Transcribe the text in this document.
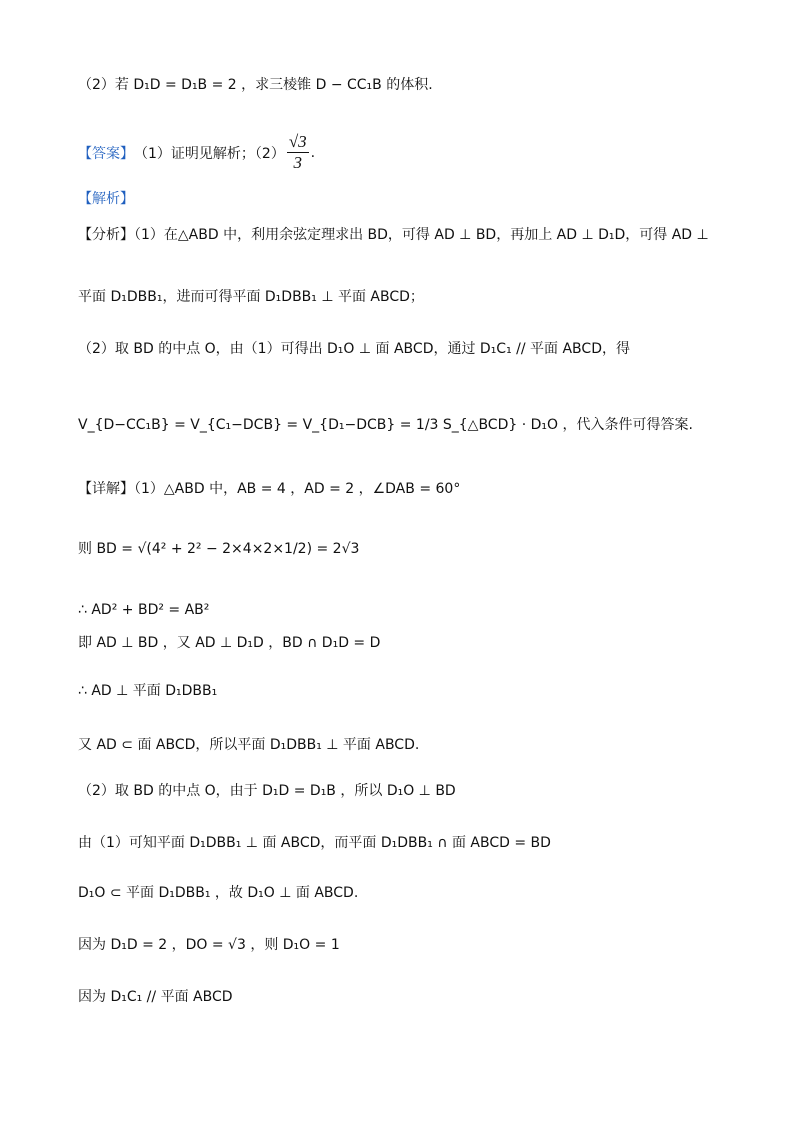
（2）若 D₁D = D₁B = 2 ，求三棱锥 D − CC₁B 的体积.
【答案】 （1）证明见解析；$(2) \frac{√3}{3}$ .
【解析】
【分析】（1）在△ABD 中，利用余弦定理求出 BD，可得 AD ⊥ BD，再加上 AD ⊥ D₁D，可得 AD ⊥
平面 D₁DBB₁，进而可得平面 D₁DBB₁ ⊥ 平面 ABCD；
（2）取 BD 的中点 O，由（1）可得出 D₁O ⊥ 面 ABCD，通过 D₁C₁ // 平面 ABCD，得
V_{D−CC₁B} = V_{C₁−DCB} = V_{D₁−DCB} = 1/3 S_{△BCD} · D₁O ，代入条件可得答案.
【详解】（1）△ABD 中，AB = 4 ，AD = 2 ，∠DAB = 60°
则 BD = √(4² + 2² − 2×4×2×1/2) = 2√3
∴ AD² + BD² = AB²
即 AD ⊥ BD ，又 AD ⊥ D₁D ，BD ∩ D₁D = D
∴ AD ⊥ 平面 D₁DBB₁
又 AD ⊂ 面 ABCD，所以平面 D₁DBB₁ ⊥ 平面 ABCD.
（2）取 BD 的中点 O，由于 D₁D = D₁B ，所以 D₁O ⊥ BD
由（1）可知平面 D₁DBB₁ ⊥ 面 ABCD，而平面 D₁DBB₁ ∩ 面 ABCD = BD
D₁O ⊂ 平面 D₁DBB₁ ，故 D₁O ⊥ 面 ABCD.
因为 D₁D = 2 ，DO = √3 ，则 D₁O = 1
因为 D₁C₁ // 平面 ABCD
